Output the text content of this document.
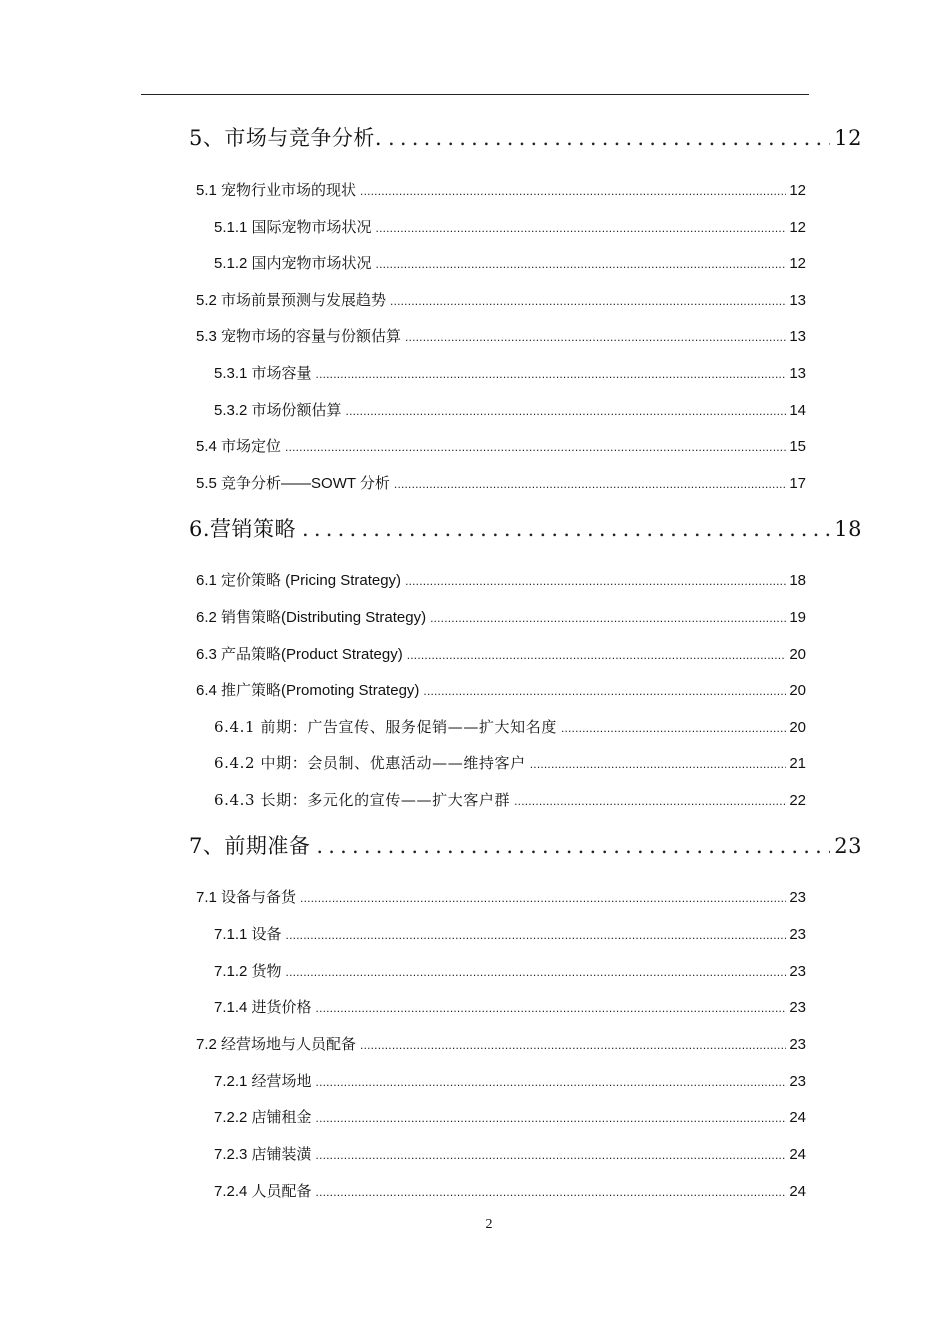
5、市场与竞争分析. .....	12
5.1 宠物行业市场的现状 .....	12
5.1.1 国际宠物市场状况 .....	12
5.1.2 国内宠物市场状况 .....	12
5.2 市场前景预测与发展趋势 .....	13
5.3 宠物市场的容量与份额估算 .....	13
5.3.1 市场容量 .....	13
5.3.2 市场份额估算 .....	14
5.4 市场定位 .....	15
5.5 竞争分析——SOWT 分析 .....	17
6.营销策略 .....	18
6.1 定价策略 (Pricing Strategy) .....	18
6.2 销售策略(Distributing Strategy) .....	19
6.3 产品策略(Product Strategy) .....	20
6.4 推广策略(Promoting Strategy) .....	20
6.4.1 前期：广告宣传、服务促销——扩大知名度 .....	20
6.4.2 中期：会员制、优惠活动——维持客户 .....	21
6.4.3 长期：多元化的宣传——扩大客户群 .....	22
7、前期准备 .....	23
7.1 设备与备货 .....	23
7.1.1 设备 .....	23
7.1.2 货物 .....	23
7.1.4 进货价格 .....	23
7.2 经营场地与人员配备 .....	23
7.2.1 经营场地 .....	23
7.2.2 店铺租金 .....	24
7.2.3 店铺装潢 .....	24
7.2.4 人员配备 .....	24
2
